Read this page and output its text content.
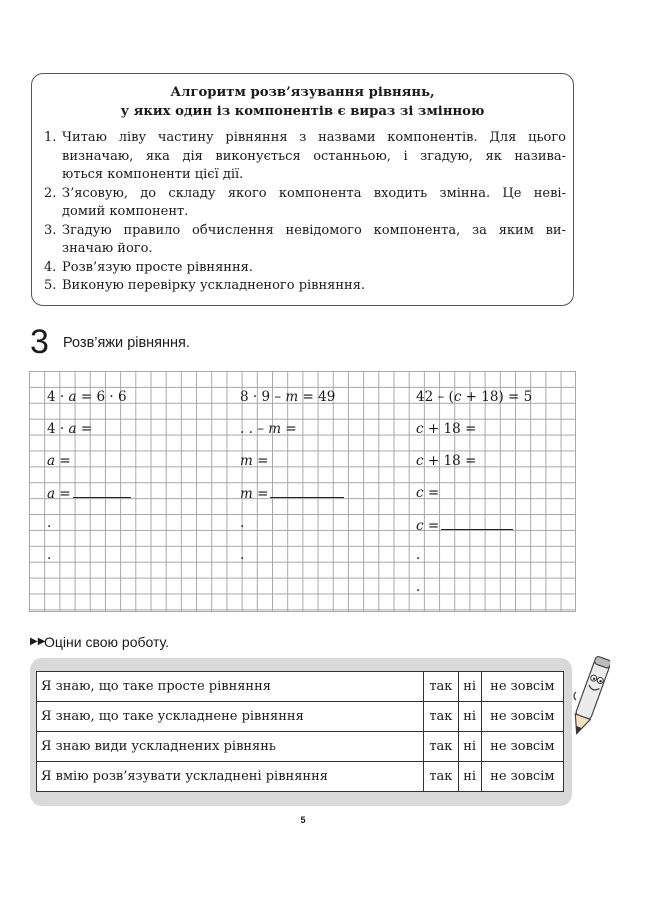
Алгоритм розв’язування рівнянь,
у яких один із компонентів є вираз зі змінною
1. Читаю ліву частину рівняння з назвами компонентів. Для цього
визначаю, яка дія виконується останньою, і згадую, як назива-
ються компоненти цієї дії.
2. З’ясовую, до складу якого компонента входить змінна. Це неві-
домий компонент.
3. Згадую правило обчислення невідомого компонента, за яким ви-
значаю його.
4. Розв’язую просте рівняння.
5. Виконую перевірку ускладненого рівняння.
3 Розв’яжи рівняння.
4 · a = 6 · 6
4 · a =
a =
a =
.
.
8 · 9 – m = 49
. . – m =
m =
m =
.
.
42 – (c + 18) = 5
c + 18 =
c + 18 =
c =
c =
.
.
▶▶
Оціни свою роботу.
Я знаю, що таке просте рівняння	так	ні	не зовсім
Я знаю, що таке ускладнене рівняння	так	ні	не зовсім
Я знаю види ускладнених рівнянь	так	ні	не зовсім
Я вмію розв’язувати ускладнені рівняння	так	ні	не зовсім
5
